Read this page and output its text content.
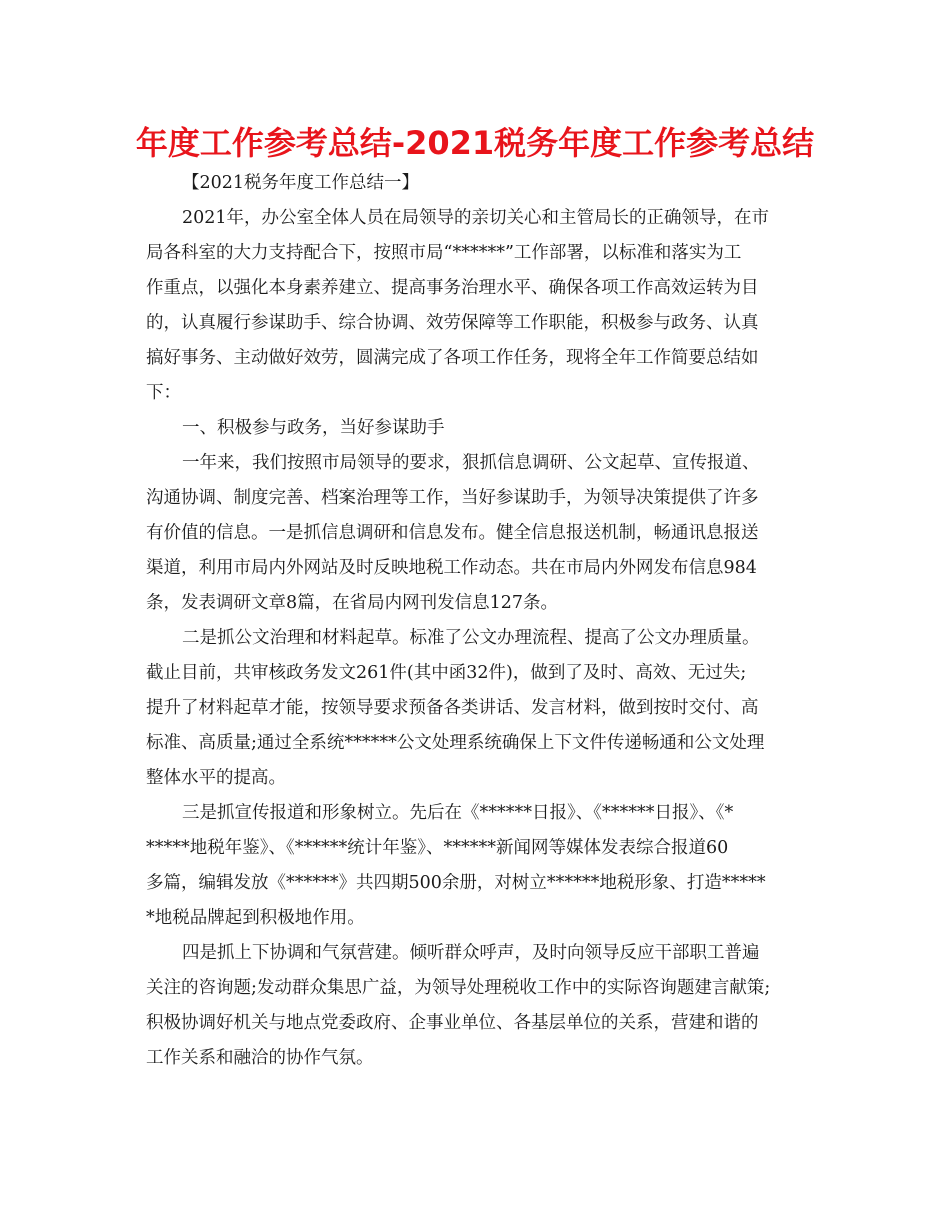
年度工作参考总结-2021税务年度工作参考总结
【2021税务年度工作总结一】
2021年，办公室全体人员在局领导的亲切关心和主管局长的正确领导，在市
局各科室的大力支持配合下，按照市局“******”工作部署，以标准和落实为工
作重点，以强化本身素养建立、提高事务治理水平、确保各项工作高效运转为目
的，认真履行参谋助手、综合协调、效劳保障等工作职能，积极参与政务、认真
搞好事务、主动做好效劳，圆满完成了各项工作任务，现将全年工作简要总结如
下：
一、积极参与政务，当好参谋助手
一年来，我们按照市局领导的要求，狠抓信息调研、公文起草、宣传报道、
沟通协调、制度完善、档案治理等工作，当好参谋助手，为领导决策提供了许多
有价值的信息。一是抓信息调研和信息发布。健全信息报送机制，畅通讯息报送
渠道，利用市局内外网站及时反映地税工作动态。共在市局内外网发布信息984
条，发表调研文章8篇，在省局内网刊发信息127条。
二是抓公文治理和材料起草。标准了公文办理流程、提高了公文办理质量。
截止目前，共审核政务发文261件(其中函32件)，做到了及时、高效、无过失;
提升了材料起草才能，按领导要求预备各类讲话、发言材料，做到按时交付、高
标准、高质量;通过全系统******公文处理系统确保上下文件传递畅通和公文处理
整体水平的提高。
三是抓宣传报道和形象树立。先后在《******日报》、《******日报》、《*
*****地税年鉴》、《******统计年鉴》、******新闻网等媒体发表综合报道60
多篇，编辑发放《******》共四期500余册，对树立******地税形象、打造*****
*地税品牌起到积极地作用。
四是抓上下协调和气氛营建。倾听群众呼声，及时向领导反应干部职工普遍
关注的咨询题;发动群众集思广益，为领导处理税收工作中的实际咨询题建言献策;
积极协调好机关与地点党委政府、企事业单位、各基层单位的关系，营建和谐的
工作关系和融洽的协作气氛。
